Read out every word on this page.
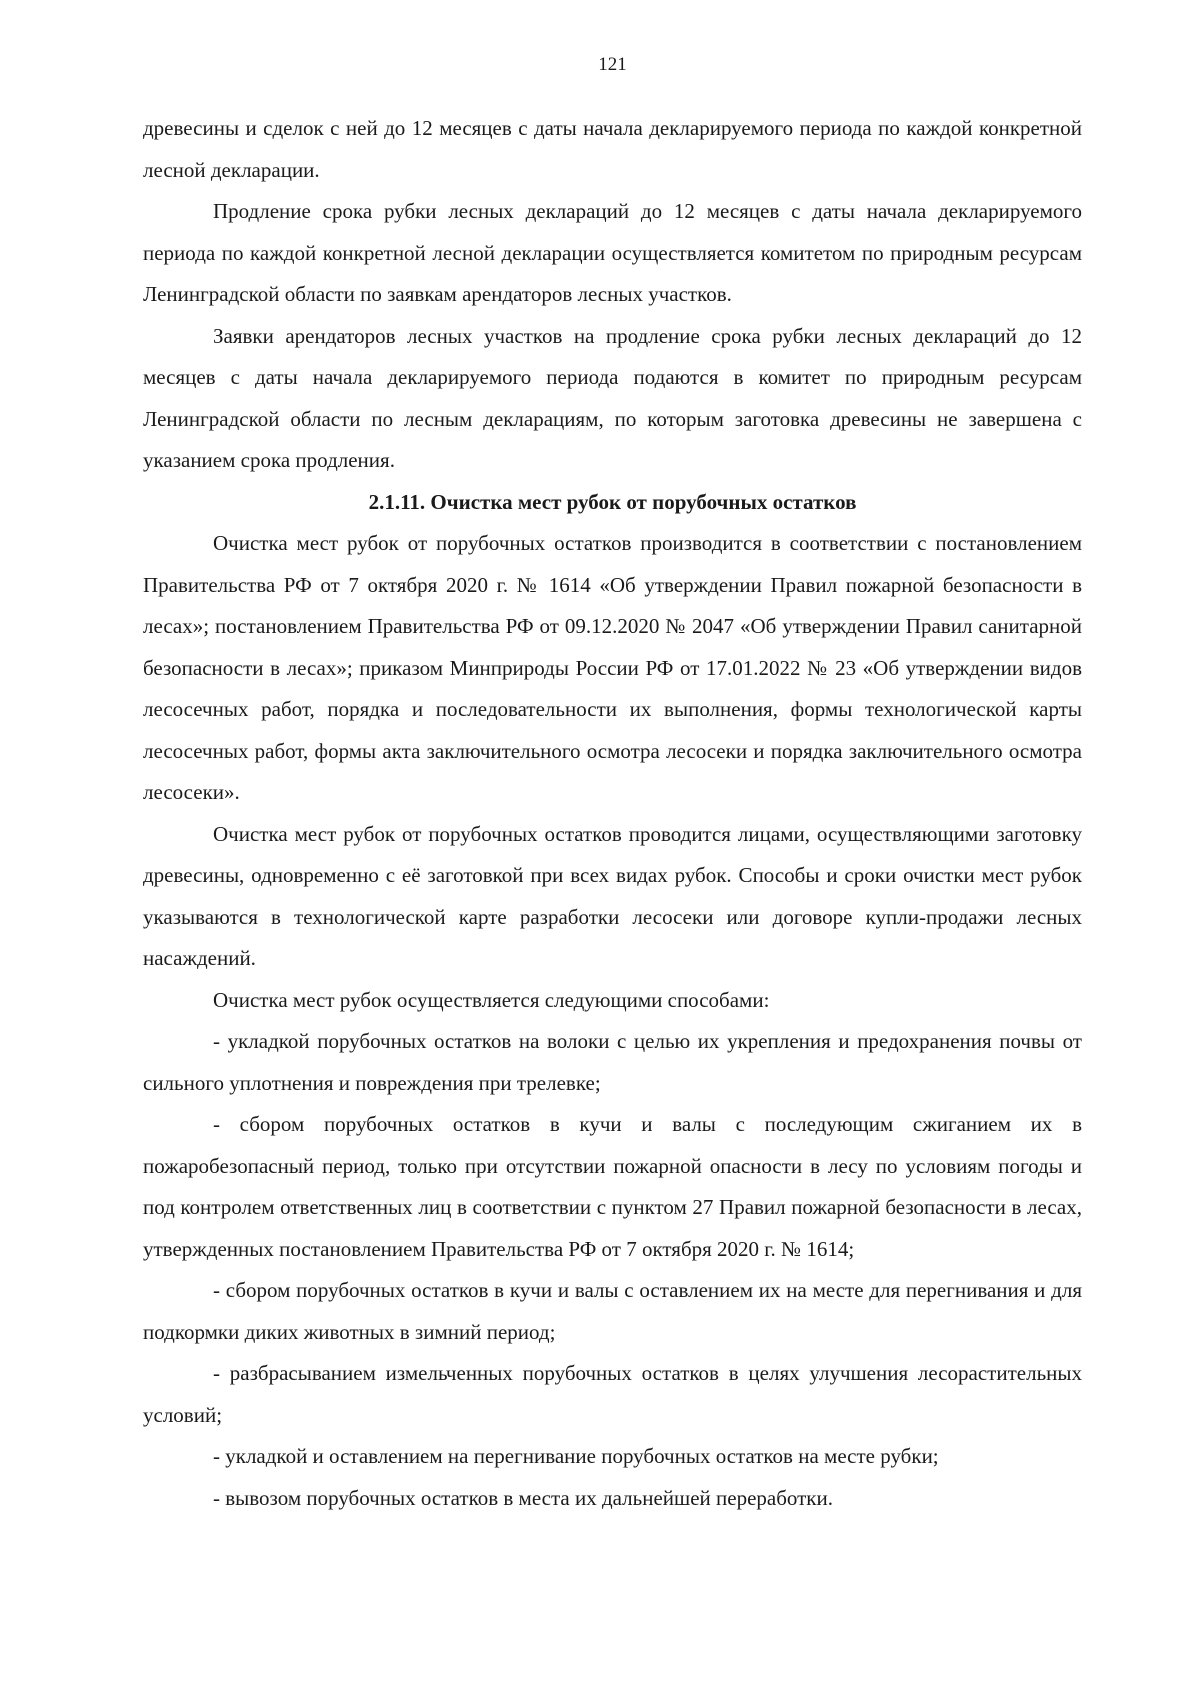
121

древесины и сделок с ней до 12 месяцев с даты начала декларируемого периода по каждой конкретной лесной декларации.

Продление срока рубки лесных деклараций до 12 месяцев с даты начала декларируемого периода по каждой конкретной лесной декларации осуществляется комитетом по природным ресурсам Ленинградской области по заявкам арендаторов лесных участков.

Заявки арендаторов лесных участков на продление срока рубки лесных деклараций до 12 месяцев с даты начала декларируемого периода подаются в комитет по природным ресурсам Ленинградской области по лесным декларациям, по которым заготовка древесины не завершена с указанием срока продления.

2.1.11. Очистка мест рубок от порубочных остатков

Очистка мест рубок от порубочных остатков производится в соответствии с постановлением Правительства РФ от 7 октября 2020 г. № 1614 «Об утверждении Правил пожарной безопасности в лесах»; постановлением Правительства РФ от 09.12.2020 № 2047 «Об утверждении Правил санитарной безопасности в лесах»; приказом Минприроды России РФ от 17.01.2022 № 23 «Об утверждении видов лесосечных работ, порядка и последовательности их выполнения, формы технологической карты лесосечных работ, формы акта заключительного осмотра лесосеки и порядка заключительного осмотра лесосеки».

Очистка мест рубок от порубочных остатков проводится лицами, осуществляющими заготовку древесины, одновременно с её заготовкой при всех видах рубок. Способы и сроки очистки мест рубок указываются в технологической карте разработки лесосеки или договоре купли-продажи лесных насаждений.

Очистка мест рубок осуществляется следующими способами:

- укладкой порубочных остатков на волоки с целью их укрепления и предохранения почвы от сильного уплотнения и повреждения при трелевке;

- сбором порубочных остатков в кучи и валы с последующим сжиганием их в пожаробезопасный период, только при отсутствии пожарной опасности в лесу по условиям погоды и под контролем ответственных лиц в соответствии с пунктом 27 Правил пожарной безопасности в лесах, утвержденных постановлением Правительства РФ от 7 октября 2020 г. № 1614;

- сбором порубочных остатков в кучи и валы с оставлением их на месте для перегнивания и для подкормки диких животных в зимний период;

- разбрасыванием измельченных порубочных остатков в целях улучшения лесорастительных условий;

- укладкой и оставлением на перегнивание порубочных остатков на месте рубки;

- вывозом порубочных остатков в места их дальнейшей переработки.
